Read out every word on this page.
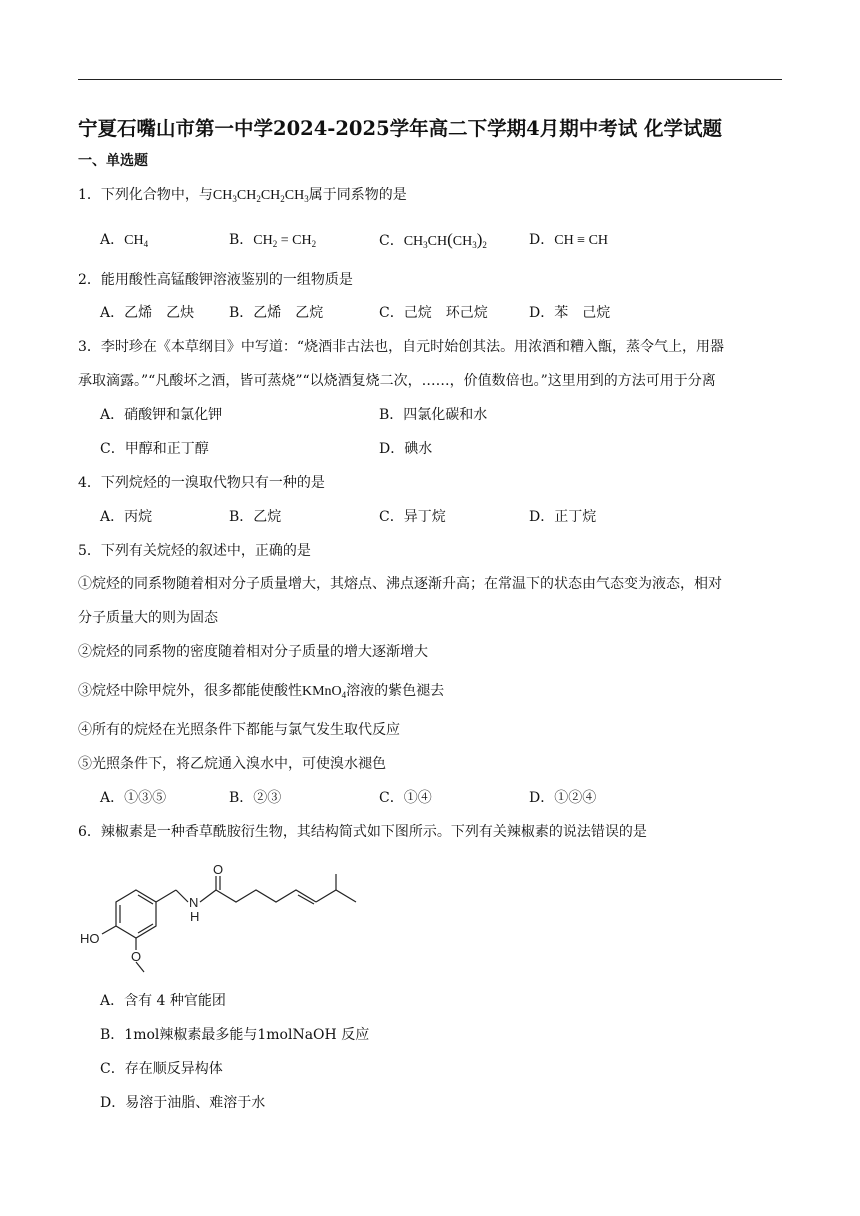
宁夏石嘴山市第一中学2024-2025学年高二下学期4月期中考试 化学试题
一、单选题
1．下列化合物中，与$CH_3CH_2CH_2CH_3$属于同系物的是
A．$CH_4$	B．$CH_2 = CH_2$	C．$CH_3CH(CH_3)_2$	D．CH ≡ CH
2．能用酸性高锰酸钾溶液鉴别的一组物质是
A．乙烯　乙炔 B．乙烯　乙烷	C．己烷　环己烷	D．苯　己烷
3．李时珍在《本草纲目》中写道：“烧酒非古法也，自元时始创其法。用浓酒和糟入甑，蒸令气上，用器
承取滴露。”“凡酸坏之酒，皆可蒸烧”“以烧酒复烧二次，……，价值数倍也。”这里用到的方法可用于分离
A．硝酸钾和氯化钾	B．四氯化碳和水
C．甲醇和正丁醇	D．碘水
4．下列烷烃的一溴取代物只有一种的是
A．丙烷	B．乙烷	C．异丁烷	D．正丁烷
5．下列有关烷烃的叙述中，正确的是
①烷烃的同系物随着相对分子质量增大，其熔点、沸点逐渐升高；在常温下的状态由气态变为液态，相对
分子质量大的则为固态
②烷烃的同系物的密度随着相对分子质量的增大逐渐增大
③烷烃中除甲烷外，很多都能使酸性KMnO$_4$溶液的紫色褪去
④所有的烷烃在光照条件下都能与氯气发生取代反应
⑤光照条件下，将乙烷通入溴水中，可使溴水褪色
A．①③⑤	B．②③	C．①④	D．①②④
6．辣椒素是一种香草酰胺衍生物，其结构简式如下图所示。下列有关辣椒素的说法错误的是
O
N
H
HO
O
A．含有 4 种官能团
B．1mol辣椒素最多能与1molNaOH 反应
C．存在顺反异构体
D．易溶于油脂、难溶于水
